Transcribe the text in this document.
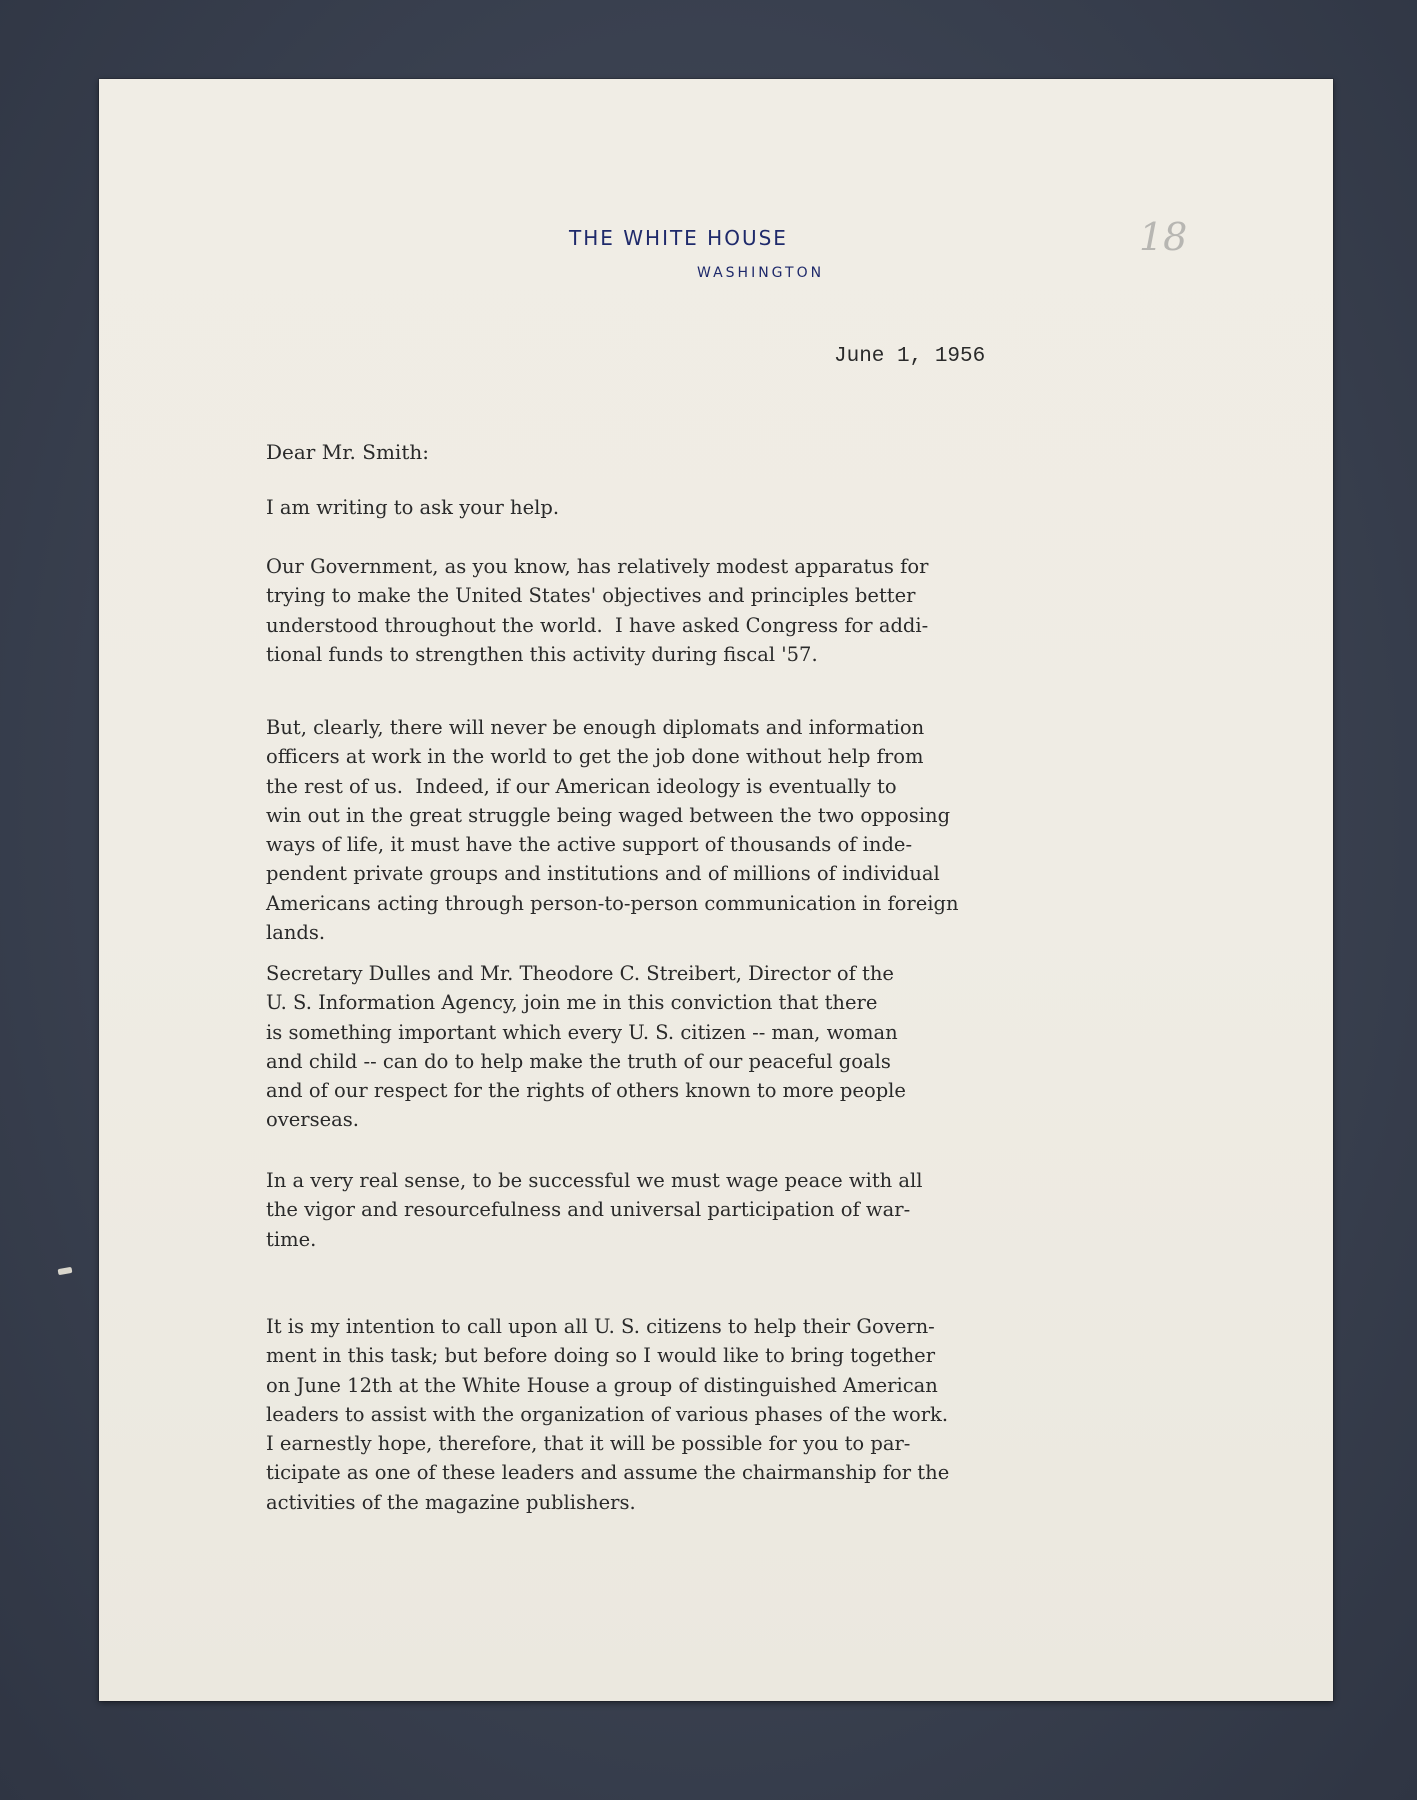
THE WHITE HOUSE
WASHINGTON
18
June 1, 1956
Dear Mr. Smith:

I am writing to ask your help.

Our Government, as you know, has relatively modest apparatus for
trying to make the United States' objectives and principles better
understood throughout the world.  I have asked Congress for addi-
tional funds to strengthen this activity during fiscal '57.

But, clearly, there will never be enough diplomats and information
officers at work in the world to get the job done without help from
the rest of us.  Indeed, if our American ideology is eventually to
win out in the great struggle being waged between the two opposing
ways of life, it must have the active support of thousands of inde-
pendent private groups and institutions and of millions of individual
Americans acting through person-to-person communication in foreign
lands.

Secretary Dulles and Mr. Theodore C. Streibert, Director of the
U. S. Information Agency, join me in this conviction that there
is something important which every U. S. citizen -- man, woman
and child -- can do to help make the truth of our peaceful goals
and of our respect for the rights of others known to more people
overseas.

In a very real sense, to be successful we must wage peace with all
the vigor and resourcefulness and universal participation of war-
time.

It is my intention to call upon all U. S. citizens to help their Govern-
ment in this task; but before doing so I would like to bring together
on June 12th at the White House a group of distinguished American
leaders to assist with the organization of various phases of the work.
I earnestly hope, therefore, that it will be possible for you to par-
ticipate as one of these leaders and assume the chairmanship for the
activities of the magazine publishers.
